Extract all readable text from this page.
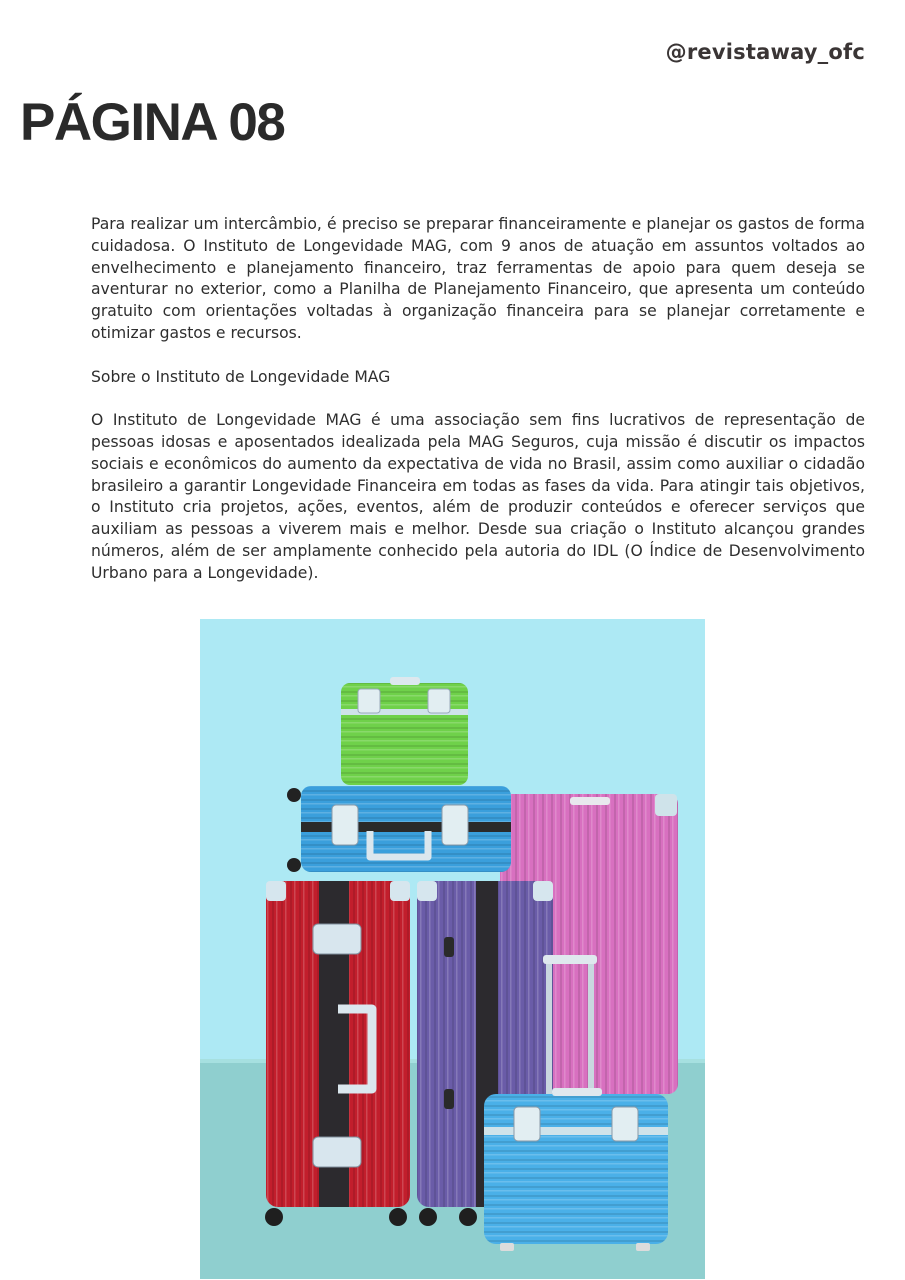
@revistaway_ofc
PÁGINA 08

Para realizar um intercâmbio, é preciso se preparar financeiramente e planejar os gastos de forma cuidadosa. O Instituto de Longevidade MAG, com 9 anos de atuação em assuntos voltados ao envelhecimento e planejamento financeiro, traz ferramentas de apoio para quem deseja se aventurar no exterior, como a Planilha de Planejamento Financeiro, que apresenta um conteúdo gratuito com orientações voltadas à organização financeira para se planejar corretamente e otimizar gastos e recursos.

Sobre o Instituto de Longevidade MAG

O Instituto de Longevidade MAG é uma associação sem fins lucrativos de representação de pessoas idosas e aposentados idealizada pela MAG Seguros, cuja missão é discutir os impactos sociais e econômicos do aumento da expectativa de vida no Brasil, assim como auxiliar o cidadão brasileiro a garantir Longevidade Financeira em todas as fases da vida. Para atingir tais objetivos, o Instituto cria projetos, ações, eventos, além de produzir conteúdos e oferecer serviços que auxiliam as pessoas a viverem mais e melhor. Desde sua criação o Instituto alcançou grandes números, além de ser amplamente conhecido pela autoria do IDL (O Índice de Desenvolvimento Urbano para a Longevidade).
